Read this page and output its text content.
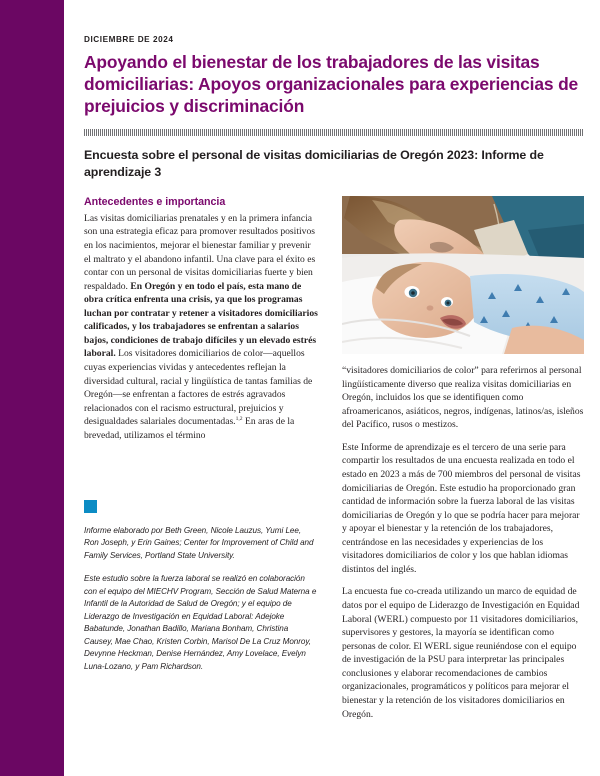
DICIEMBRE DE 2024
Apoyando el bienestar de los trabajadores de las visitas domiciliarias: Apoyos organizacionales para experiencias de prejuicios y discriminación
Encuesta sobre el personal de visitas domiciliarias de Oregón 2023: Informe de aprendizaje 3
Antecedentes e importancia

Las visitas domiciliarias prenatales y en la primera infancia son una estrategia eficaz para promover resultados positivos en los nacimientos, mejorar el bienestar familiar y prevenir el maltrato y el abandono infantil. Una clave para el éxito es contar con un personal de visitas domiciliarias fuerte y bien respaldado. En Oregón y en todo el país, esta mano de obra crítica enfrenta una crisis, ya que los programas luchan por contratar y retener a visitadores domiciliarios calificados, y los trabajadores se enfrentan a salarios bajos, condiciones de trabajo difíciles y un elevado estrés laboral. Los visitadores domiciliarios de color—aquellos cuyas experiencias vividas y antecedentes reflejan la diversidad cultural, racial y lingüística de tantas familias de Oregón—se enfrentan a factores de estrés agravados relacionados con el racismo estructural, prejuicios y desigualdades salariales documentadas.$^{1,2}$ En aras de la brevedad, utilizamos el término

Informe elaborado por Beth Green, Nicole Lauzus, Yumi Lee, Ron Joseph, y Erin Gaines; Center for Improvement of Child and Family Services, Portland State University.

Este estudio sobre la fuerza laboral se realizó en colaboración con el equipo del MIECHV Program, Sección de Salud Materna e Infantil de la Autoridad de Salud de Oregón; y el equipo de Liderazgo de Investigación en Equidad Laboral: Adejoke Babatunde, Jonathan Badillo, Mariana Bonham, Christina Causey, Mae Chao, Kristen Corbin, Marisol De La Cruz Monroy, Devynne Heckman, Denise Hernández, Amy Lovelace, Evelyn Luna-Lozano, y Pam Richardson.

“visitadores domiciliarios de color” para referirnos al personal lingüísticamente diverso que realiza visitas domiciliarias en Oregón, incluidos los que se identifiquen como afroamericanos, asiáticos, negros, indígenas, latinos/as, isleños del Pacífico, rusos o mestizos.

Este Informe de aprendizaje es el tercero de una serie para compartir los resultados de una encuesta realizada en todo el estado en 2023 a más de 700 miembros del personal de visitas domiciliarias de Oregón. Este estudio ha proporcionado gran cantidad de información sobre la fuerza laboral de las visitas domiciliarias de Oregón y lo que se podría hacer para mejorar y apoyar el bienestar y la retención de los trabajadores, centrándose en las necesidades y experiencias de los visitadores domiciliarios de color y los que hablan idiomas distintos del inglés.

La encuesta fue co-creada utilizando un marco de equidad de datos por el equipo de Liderazgo de Investigación en Equidad Laboral (WERL) compuesto por 11 visitadores domiciliarios, supervisores y gestores, la mayoría se identifican como personas de color. El WERL sigue reuniéndose con el equipo de investigación de la PSU para interpretar las principales conclusiones y elaborar recomendaciones de cambios organizacionales, programáticos y políticos para mejorar el bienestar y la retención de los visitadores domiciliarios en Oregón.
